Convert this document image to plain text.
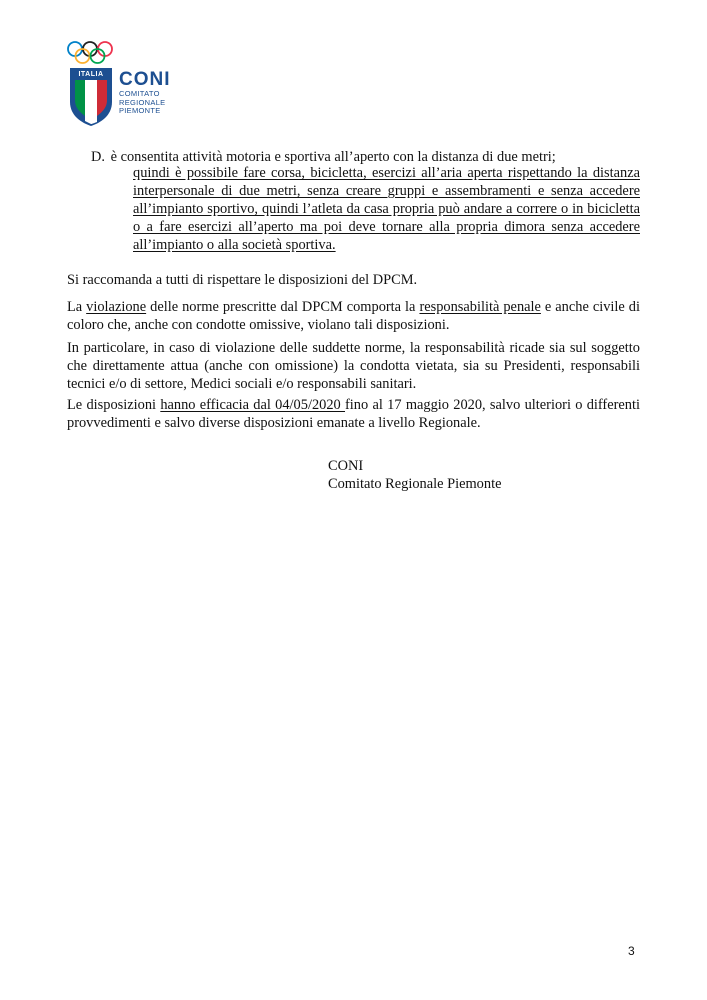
ITALIA CONI
COMITATO
REGIONALE
PIEMONTE
D. è consentita attività motoria e sportiva all’aperto con la distanza di due metri;
quindi è possibile fare corsa, bicicletta, esercizi all’aria aperta rispettando la distanza interpersonale di due metri, senza creare gruppi e assembramenti e senza accedere all’impianto sportivo, quindi l’atleta da casa propria può andare a correre o in bicicletta o a fare esercizi all’aperto ma poi deve tornare alla propria dimora senza accedere all’impianto o alla società sportiva.

Si raccomanda a tutti di rispettare le disposizioni del DPCM.

La violazione delle norme prescritte dal DPCM comporta la responsabilità penale e anche civile di coloro che, anche con condotte omissive, violano tali disposizioni.

In particolare, in caso di violazione delle suddette norme, la responsabilità ricade sia sul soggetto che direttamente attua (anche con omissione) la condotta vietata, sia su Presidenti, responsabili tecnici e/o di settore, Medici sociali e/o responsabili sanitari.

Le disposizioni hanno efficacia dal 04/05/2020 fino al 17 maggio 2020, salvo ulteriori o differenti provvedimenti e salvo diverse disposizioni emanate a livello Regionale.

CONI
Comitato Regionale Piemonte
3
